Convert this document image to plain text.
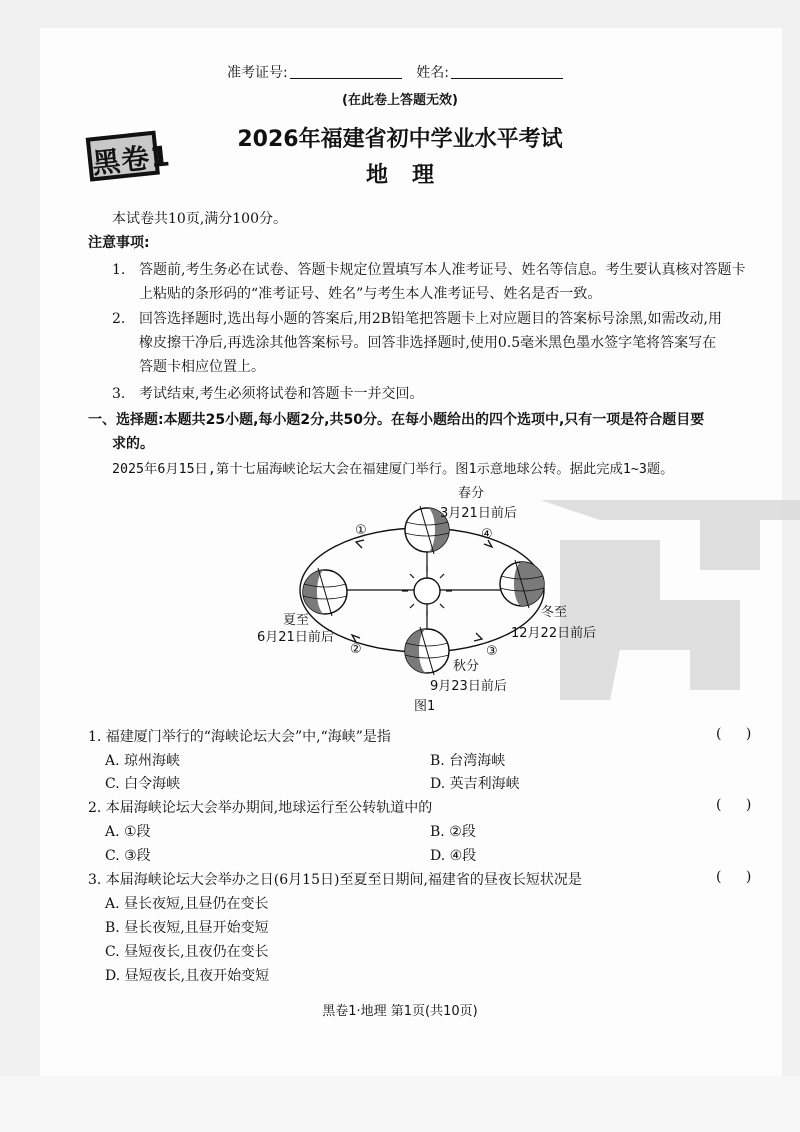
准考证号:	姓名:
(在此卷上答题无效)
黑卷1	2026年福建省初中学业水平考试
地理
本试卷共10页,满分100分。
注意事项:
1. 答题前,考生务必在试卷、答题卡规定位置填写本人准考证号、姓名等信息。考生要认真核对答题卡
上粘贴的条形码的“准考证号、姓名”与考生本人准考证号、姓名是否一致。
2. 回答选择题时,选出每小题的答案后,用2B铅笔把答题卡上对应题目的答案标号涂黑,如需改动,用
橡皮擦干净后,再选涂其他答案标号。回答非选择题时,使用0.5毫米黑色墨水签字笔将答案写在
答题卡相应位置上。
3. 考试结束,考生必须将试卷和答题卡一并交回。
一、选择题:本题共25小题,每小题2分,共50分。在每小题给出的四个选项中,只有一项是符合题目要
求的。
2025年6月15日,第十七届海峡论坛大会在福建厦门举行。图1示意地球公转。据此完成1~3题。
春分
3月21日前后
①	④
夏至
6月21日前后
冬至
12月22日前后
②	③
秋分
9月23日前后
图1
1. 福建厦门举行的“海峡论坛大会”中,“海峡”是指	( )
A. 琼州海峡	B. 台湾海峡
C. 白令海峡	D. 英吉利海峡
2. 本届海峡论坛大会举办期间,地球运行至公转轨道中的	( )
A. ①段	B. ②段
C. ③段	D. ④段
3. 本届海峡论坛大会举办之日(6月15日)至夏至日期间,福建省的昼夜长短状况是	( )
A. 昼长夜短,且昼仍在变长
B. 昼长夜短,且昼开始变短
C. 昼短夜长,且夜仍在变长
D. 昼短夜长,且夜开始变短
黑卷1·地理 第1页(共10页)
